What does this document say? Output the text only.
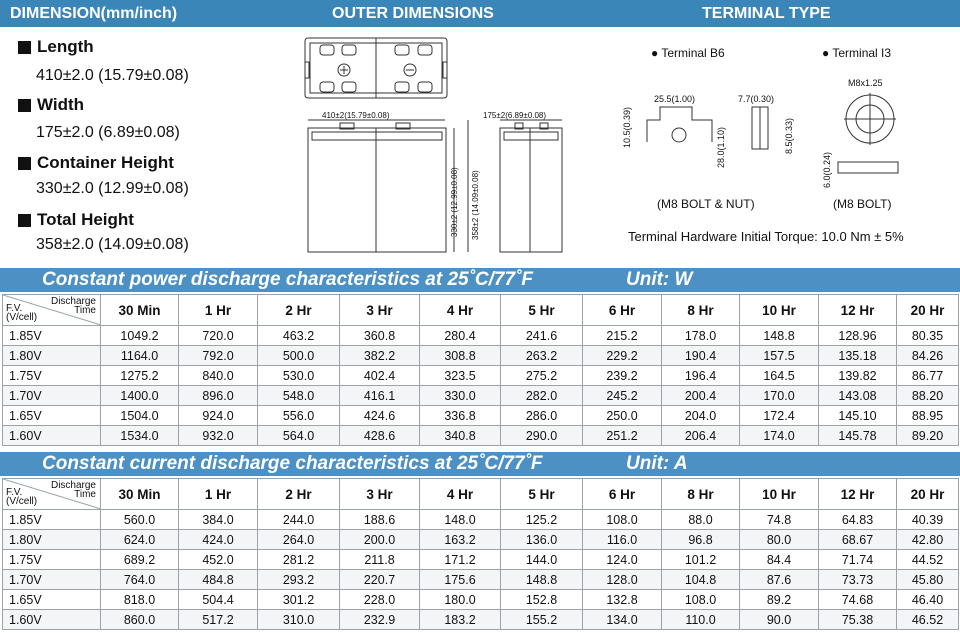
DIMENSION(mm/inch)	OUTER DIMENSIONS	TERMINAL TYPE
Length
410±2.0 (15.79±0.08)
Width
175±2.0 (6.89±0.08)
Container Height
330±2.0 (12.99±0.08)
Total Height
358±2.0 (14.09±0.08)
410±2(15.79±0.08)
330±2 (12.99±0.08) 358±2 (14.09±0.08)
175±2(6.89±0.08)
● Terminal B6	● Terminal I3
25.5(1.00)	7.7(0.30)
10.5(0.39)	28.0(1.10)	8.5(0.33)
(M8 BOLT & NUT)
M8x1.25
6.0(0.24)
(M8 BOLT)
Terminal Hardware Initial Torque: 10.0 Nm ± 5%
Constant power discharge characteristics at 25˚C/77˚F	Unit: W
Discharge
Time
F.V.
(V/cell)	30 Min	1 Hr	2 Hr	3 Hr	4 Hr	5 Hr	6 Hr	8 Hr	10 Hr	12 Hr	20 Hr
1.85V	1049.2	720.0	463.2	360.8	280.4	241.6	215.2	178.0	148.8	128.96	80.35
1.80V	1164.0	792.0	500.0	382.2	308.8	263.2	229.2	190.4	157.5	135.18	84.26
1.75V	1275.2	840.0	530.0	402.4	323.5	275.2	239.2	196.4	164.5	139.82	86.77
1.70V	1400.0	896.0	548.0	416.1	330.0	282.0	245.2	200.4	170.0	143.08	88.20
1.65V	1504.0	924.0	556.0	424.6	336.8	286.0	250.0	204.0	172.4	145.10	88.95
1.60V	1534.0	932.0	564.0	428.6	340.8	290.0	251.2	206.4	174.0	145.78	89.20
Constant current discharge characteristics at 25˚C/77˚F	Unit: A
Discharge
Time
F.V.
(V/cell)	30 Min	1 Hr	2 Hr	3 Hr	4 Hr	5 Hr	6 Hr	8 Hr	10 Hr	12 Hr	20 Hr
1.85V	560.0	384.0	244.0	188.6	148.0	125.2	108.0	88.0	74.8	64.83	40.39
1.80V	624.0	424.0	264.0	200.0	163.2	136.0	116.0	96.8	80.0	68.67	42.80
1.75V	689.2	452.0	281.2	211.8	171.2	144.0	124.0	101.2	84.4	71.74	44.52
1.70V	764.0	484.8	293.2	220.7	175.6	148.8	128.0	104.8	87.6	73.73	45.80
1.65V	818.0	504.4	301.2	228.0	180.0	152.8	132.8	108.0	89.2	74.68	46.40
1.60V	860.0	517.2	310.0	232.9	183.2	155.2	134.0	110.0	90.0	75.38	46.52
